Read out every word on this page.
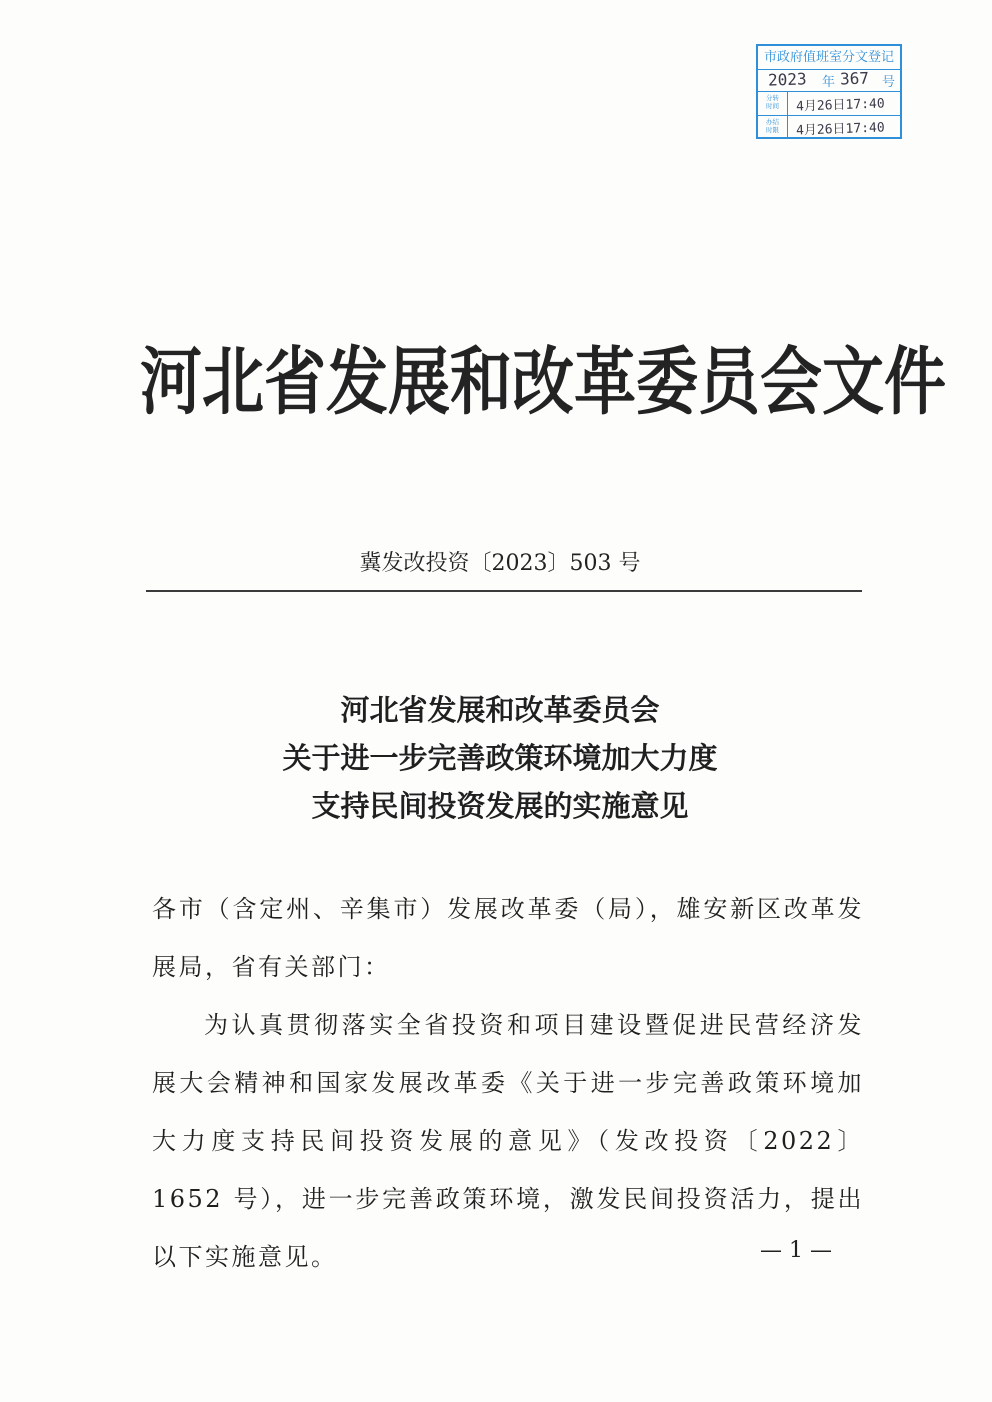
市政府值班室分文登记
2023 年 367 号
分转
时间	4月26日17:40
办结
时限	4月26日17:40
河北省发展和改革委员会文件
冀发改投资〔2023〕503 号
河北省发展和改革委员会
关于进一步完善政策环境加大力度
支持民间投资发展的实施意见

各市（含定州、辛集市）发展改革委（局），雄安新区改革发展局，省有关部门：

为认真贯彻落实全省投资和项目建设暨促进民营经济发展大会精神和国家发展改革委《关于进一步完善政策环境加大力度支持民间投资发展的意见》（发改投资〔2022〕1652 号），进一步完善政策环境，激发民间投资活力，提出以下实施意见。	— 1 —
